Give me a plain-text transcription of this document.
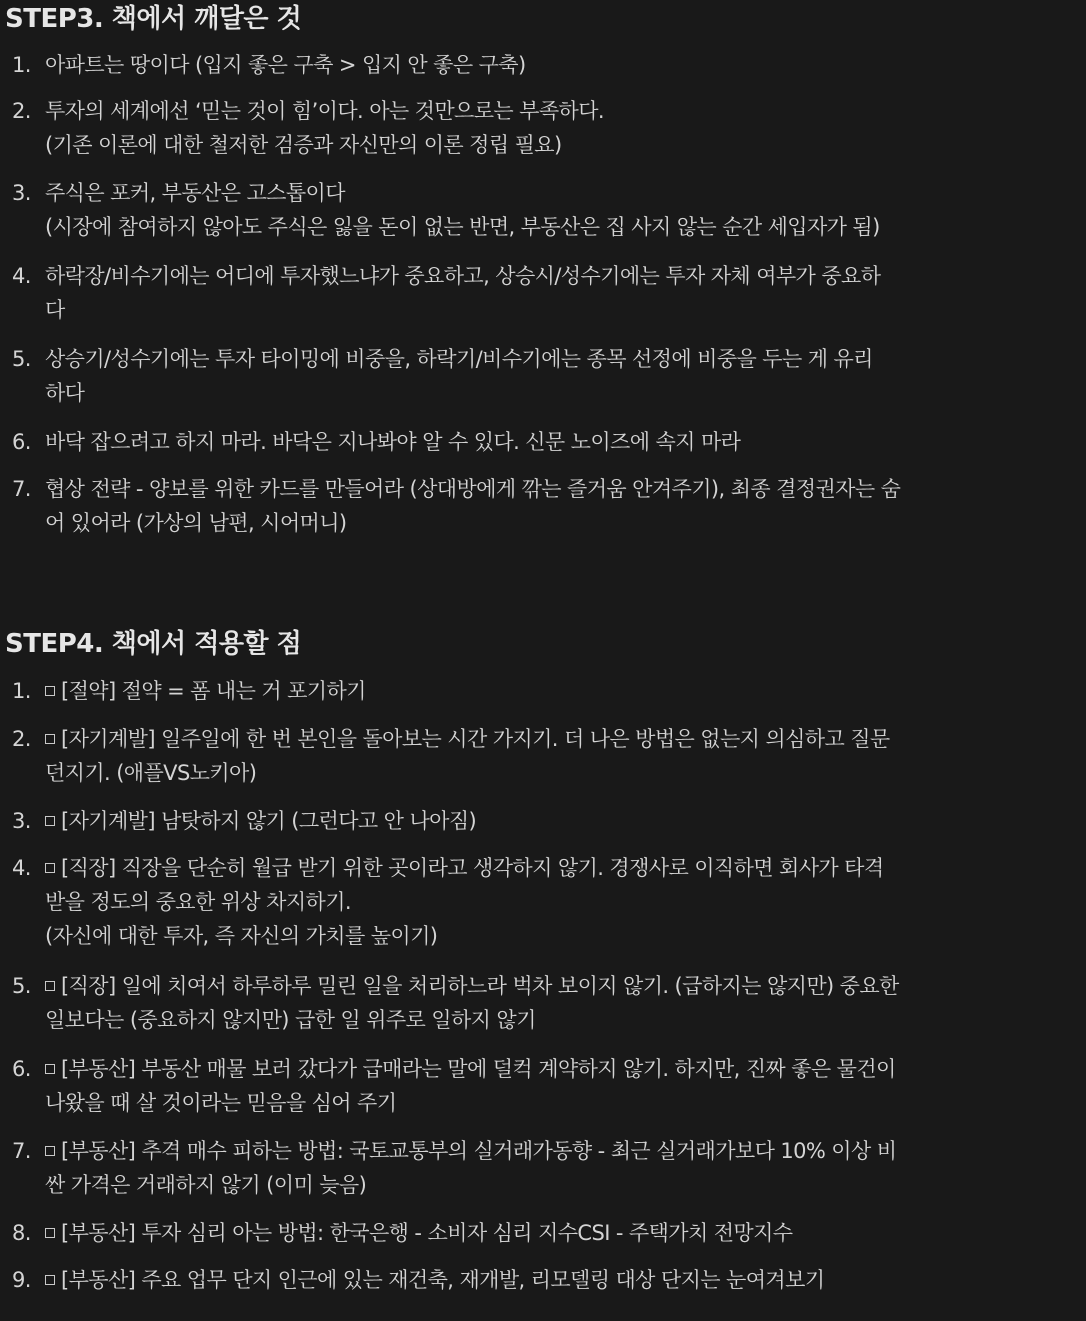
STEP3. 책에서 깨달은 것
1. 아파트는 땅이다 (입지 좋은 구축 > 입지 안 좋은 구축)
2. 투자의 세계에선 ‘믿는 것이 힘’이다. 아는 것만으로는 부족하다.
(기존 이론에 대한 철저한 검증과 자신만의 이론 정립 필요)
3. 주식은 포커, 부동산은 고스톱이다
(시장에 참여하지 않아도 주식은 잃을 돈이 없는 반면, 부동산은 집 사지 않는 순간 세입자가 됨)
4. 하락장/비수기에는 어디에 투자했느냐가 중요하고, 상승시/성수기에는 투자 자체 여부가 중요하
다
5. 상승기/성수기에는 투자 타이밍에 비중을, 하락기/비수기에는 종목 선정에 비중을 두는 게 유리
하다
6. 바닥 잡으려고 하지 마라. 바닥은 지나봐야 알 수 있다. 신문 노이즈에 속지 마라
7. 협상 전략 - 양보를 위한 카드를 만들어라 (상대방에게 깎는 즐거움 안겨주기), 최종 결정권자는 숨
어 있어라 (가상의 남편, 시어머니)
STEP4. 책에서 적용할 점
1.	[절약] 절약 = 폼 내는 거 포기하기
2.	[자기계발] 일주일에 한 번 본인을 돌아보는 시간 가지기. 더 나은 방법은 없는지 의심하고 질문
던지기. (애플VS노키아)
3.	[자기계발] 남탓하지 않기 (그런다고 안 나아짐)
4.	[직장] 직장을 단순히 월급 받기 위한 곳이라고 생각하지 않기. 경쟁사로 이직하면 회사가 타격
받을 정도의 중요한 위상 차지하기.
(자신에 대한 투자, 즉 자신의 가치를 높이기)
5.	[직장] 일에 치여서 하루하루 밀린 일을 처리하느라 벅차 보이지 않기. (급하지는 않지만) 중요한
일보다는 (중요하지 않지만) 급한 일 위주로 일하지 않기
6.	[부동산] 부동산 매물 보러 갔다가 급매라는 말에 덜컥 계약하지 않기. 하지만, 진짜 좋은 물건이
나왔을 때 살 것이라는 믿음을 심어 주기
7.	[부동산] 추격 매수 피하는 방법: 국토교통부의 실거래가동향 - 최근 실거래가보다 10% 이상 비
싼 가격은 거래하지 않기 (이미 늦음)
8.	[부동산] 투자 심리 아는 방법: 한국은행 - 소비자 심리 지수CSI - 주택가치 전망지수
9.	[부동산] 주요 업무 단지 인근에 있는 재건축, 재개발, 리모델링 대상 단지는 눈여겨보기
